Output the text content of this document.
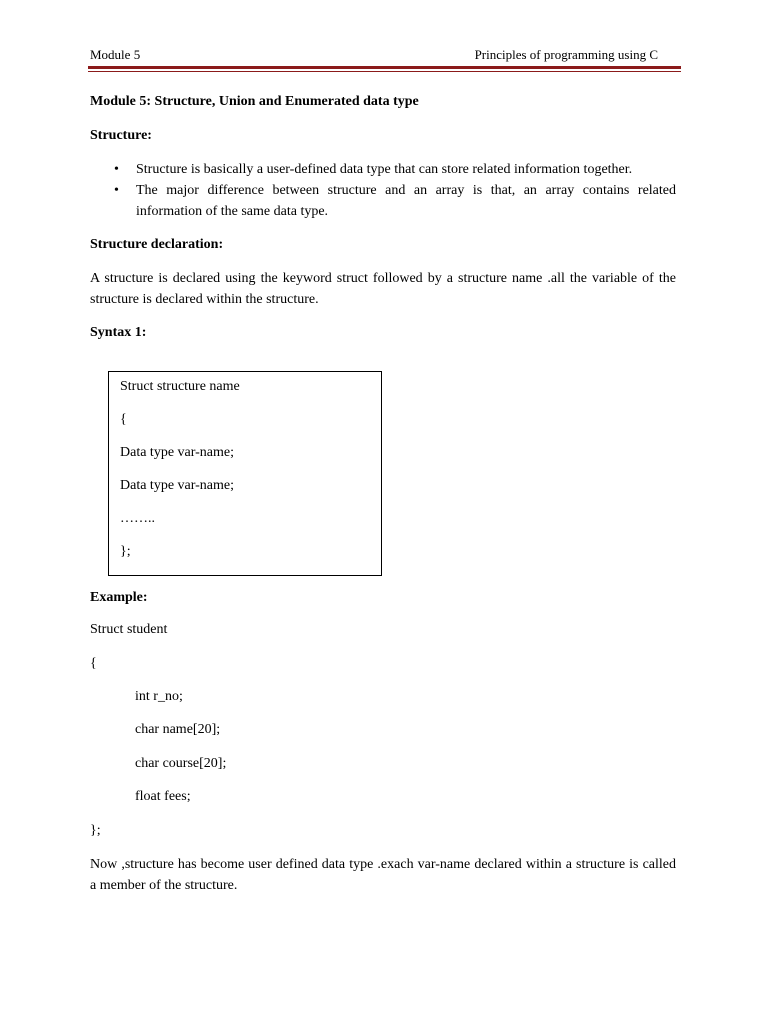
Module 5	Principles of programming using C
Module 5: Structure, Union and Enumerated data type
Structure:
• Structure is basically a user-defined data type that can store related information together.
• The major difference between structure and an array is that, an array contains related information of the same data type.
Structure declaration:
A structure is declared using the keyword struct followed by a structure name .all the variable of the structure is declared within the structure.
Syntax 1:
Struct structure name
{
Data type var-name;
Data type var-name;
……..
};
Example:
Struct student
{
int r_no;
char name[20];
char course[20];
float fees;
};
Now ,structure has become user defined data type .exach var-name declared within a structure is called a member of the structure.
